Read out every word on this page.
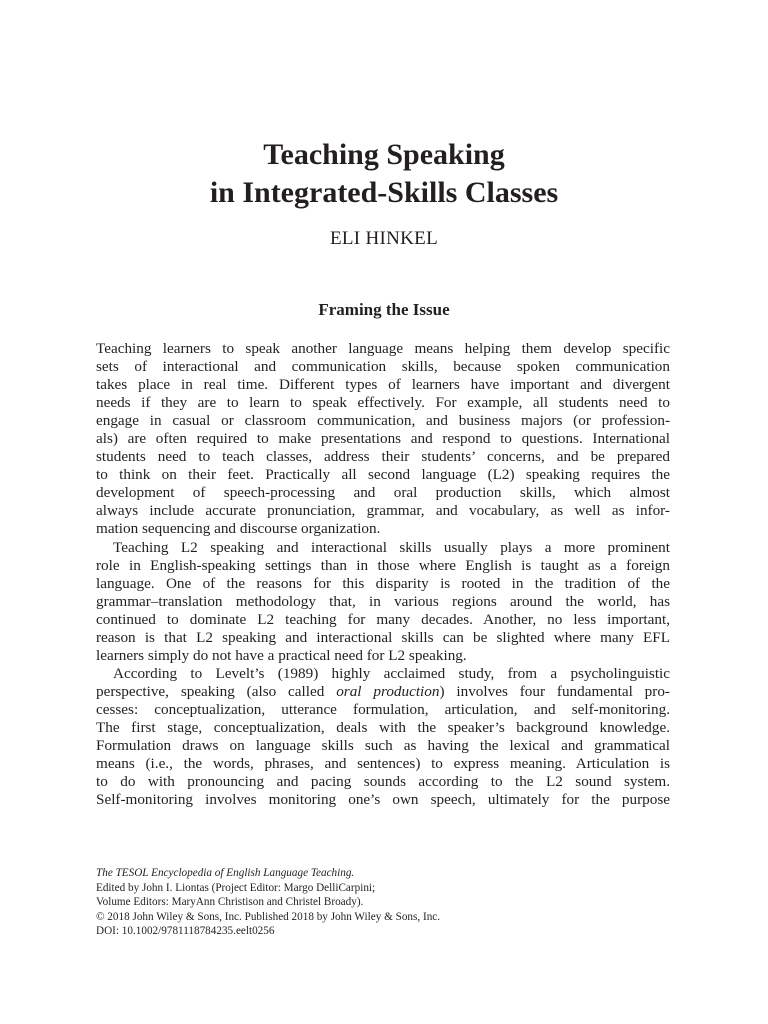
Teaching Speaking
in Integrated-Skills Classes

ELI HINKEL

Framing the Issue
Teaching learners to speak another language means helping them develop specific
sets of interactional and communication skills, because spoken communication
takes place in real time. Different types of learners have important and divergent
needs if they are to learn to speak effectively. For example, all students need to
engage in casual or classroom communication, and business majors (or profession-
als) are often required to make presentations and respond to questions. International
students need to teach classes, address their students’ concerns, and be prepared
to think on their feet. Practically all second language (L2) speaking requires the
development of speech-processing and oral production skills, which almost
always include accurate pronunciation, grammar, and vocabulary, as well as infor-
mation sequencing and discourse organization.
Teaching L2 speaking and interactional skills usually plays a more prominent
role in English-speaking settings than in those where English is taught as a foreign
language. One of the reasons for this disparity is rooted in the tradition of the
grammar–translation methodology that, in various regions around the world, has
continued to dominate L2 teaching for many decades. Another, no less important,
reason is that L2 speaking and interactional skills can be slighted where many EFL
learners simply do not have a practical need for L2 speaking.
According to Levelt’s (1989) highly acclaimed study, from a psycholinguistic
perspective, speaking (also called oral production) involves four fundamental pro-
cesses: conceptualization, utterance formulation, articulation, and self-monitoring.
The first stage, conceptualization, deals with the speaker’s background knowledge.
Formulation draws on language skills such as having the lexical and grammatical
means (i.e., the words, phrases, and sentences) to express meaning. Articulation is
to do with pronouncing and pacing sounds according to the L2 sound system.
Self-monitoring involves monitoring one’s own speech, ultimately for the purpose
The TESOL Encyclopedia of English Language Teaching.
Edited by John I. Liontas (Project Editor: Margo DelliCarpini;
Volume Editors: MaryAnn Christison and Christel Broady).
© 2018 John Wiley & Sons, Inc. Published 2018 by John Wiley & Sons, Inc.
DOI: 10.1002/9781118784235.eelt0256
